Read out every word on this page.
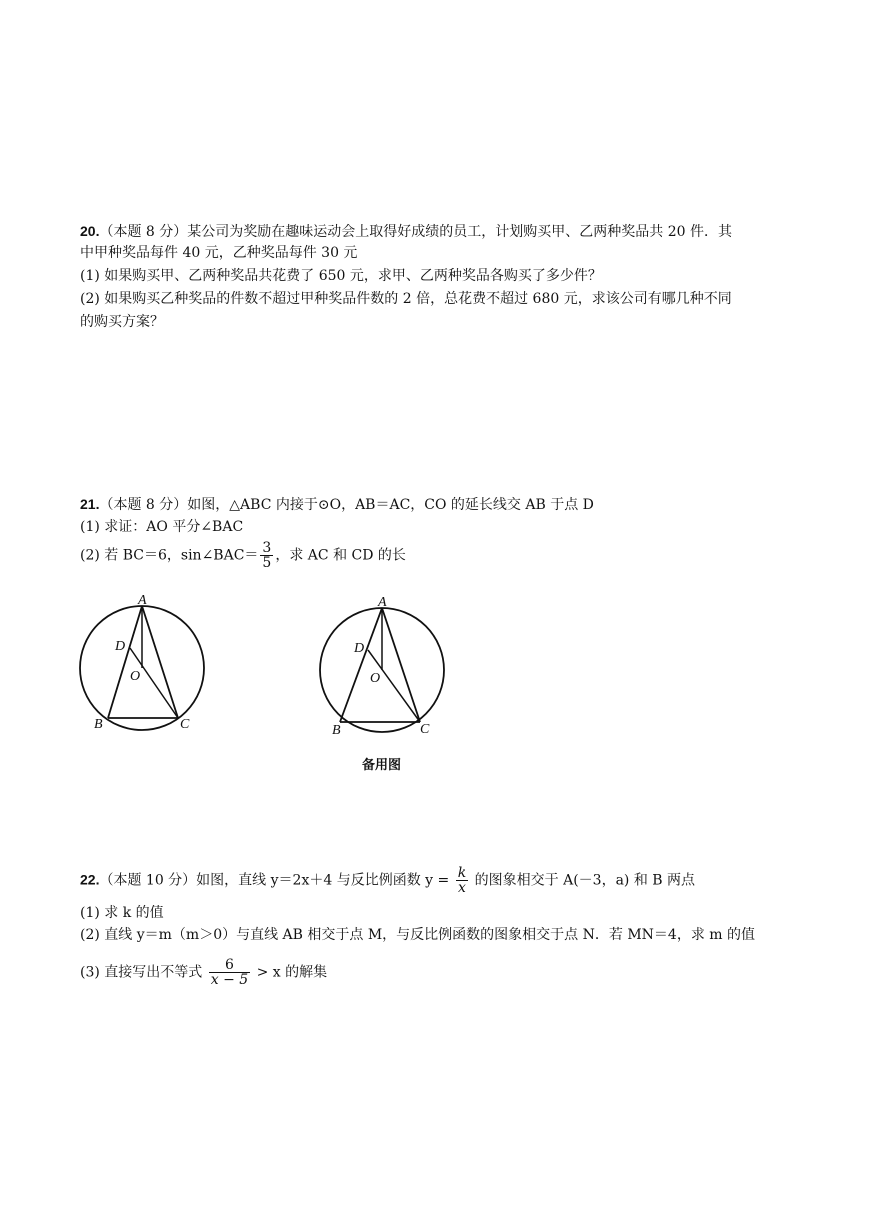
20.（本题 8 分）某公司为奖励在趣味运动会上取得好成绩的员工，计划购买甲、乙两种奖品共 20 件．其
中甲种奖品每件 40 元，乙种奖品每件 30 元
(1) 如果购买甲、乙两种奖品共花费了 650 元，求甲、乙两种奖品各购买了多少件？
(2) 如果购买乙种奖品的件数不超过甲种奖品件数的 2 倍，总花费不超过 680 元，求该公司有哪几种不同
的购买方案？
21.（本题 8 分）如图，△ABC 内接于⊙O，AB＝AC，CO 的延长线交 AB 于点 D
(1) 求证：AO 平分∠BAC
(2) 若 BC＝6，sin∠BAC＝ $\frac{3}{5}$ ，求 AC 和 CD 的长
A
B	C
D
O
A
B	C
D
O
备用图
22.（本题 10 分）如图，直线 y＝2x＋4 与反比例函数 $y = \frac{k}{x}$ 的图象相交于 A(－3，a) 和 B 两点
(1) 求 k 的值
(2) 直线 y＝m（m＞0）与直线 AB 相交于点 M，与反比例函数的图象相交于点 N．若 MN＝4，求 m 的值
(3) 直接写出不等式 $\frac{6}{x - 5} > x$ 的解集
